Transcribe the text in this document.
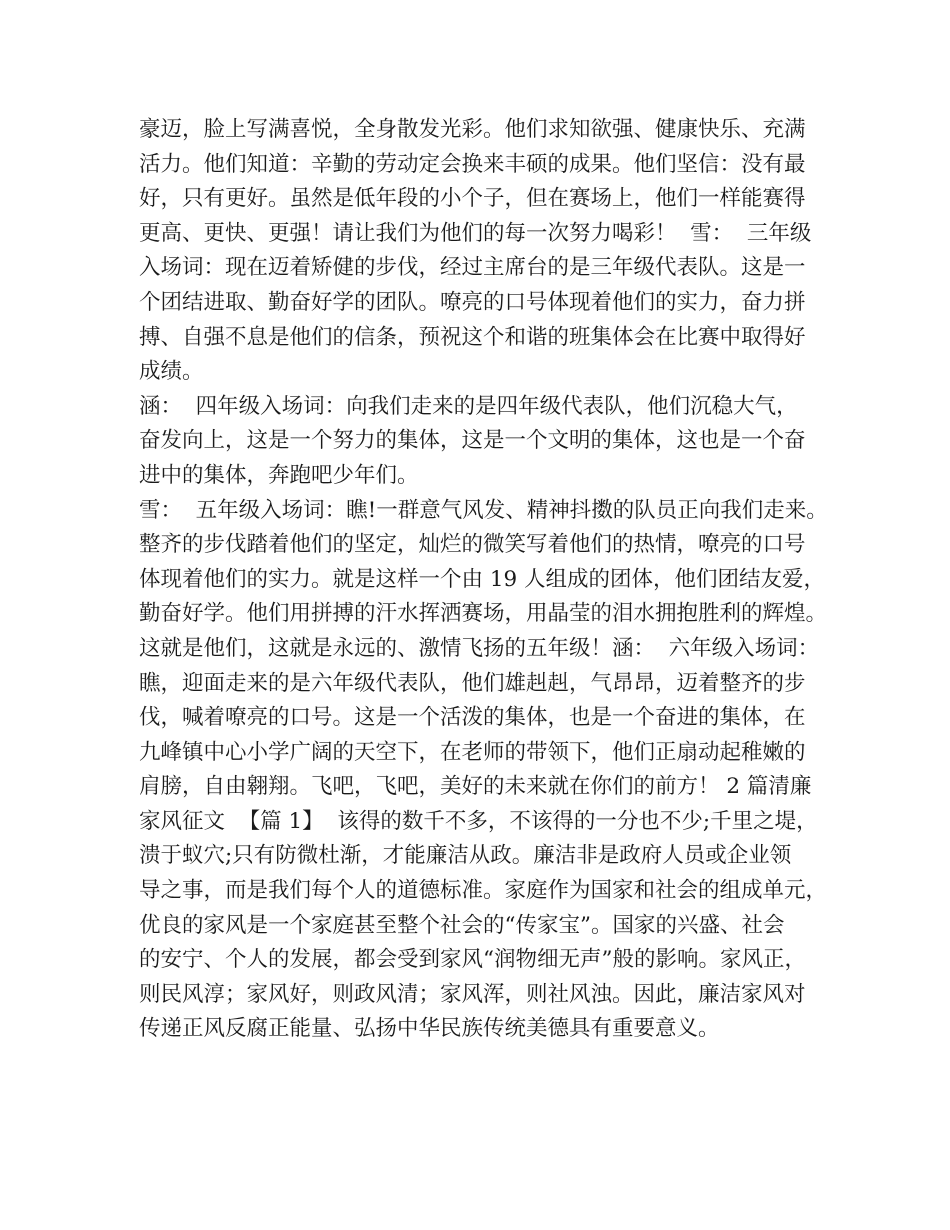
豪迈，脸上写满喜悦，全身散发光彩。他们求知欲强、健康快乐、充满
活力。他们知道：辛勤的劳动定会换来丰硕的成果。他们坚信：没有最
好，只有更好。虽然是低年段的小个子，但在赛场上，他们一样能赛得
更高、更快、更强！请让我们为他们的每一次努力喝彩！  雪：  三年级
入场词：现在迈着矫健的步伐，经过主席台的是三年级代表队。这是一
个团结进取、勤奋好学的团队。嘹亮的口号体现着他们的实力，奋力拼
搏、自强不息是他们的信条，预祝这个和谐的班集体会在比赛中取得好
成绩。
涵：  四年级入场词：向我们走来的是四年级代表队，他们沉稳大气，
奋发向上，这是一个努力的集体，这是一个文明的集体，这也是一个奋
进中的集体，奔跑吧少年们。
雪：  五年级入场词：瞧!一群意气风发、精神抖擞的队员正向我们走来。
整齐的步伐踏着他们的坚定，灿烂的微笑写着他们的热情，嘹亮的口号
体现着他们的实力。就是这样一个由 19 人组成的团体，他们团结友爱，
勤奋好学。他们用拼搏的汗水挥洒赛场，用晶莹的泪水拥抱胜利的辉煌。
这就是他们，这就是永远的、激情飞扬的五年级！涵：  六年级入场词：
瞧，迎面走来的是六年级代表队，他们雄赳赳，气昂昂，迈着整齐的步
伐，喊着嘹亮的口号。这是一个活泼的集体，也是一个奋进的集体，在
九峰镇中心小学广阔的天空下，在老师的带领下，他们正扇动起稚嫩的
肩膀，自由翱翔。飞吧，飞吧，美好的未来就在你们的前方！ 2 篇清廉
家风征文  【篇 1】  该得的数千不多，不该得的一分也不少;千里之堤，
溃于蚁穴;只有防微杜渐，才能廉洁从政。廉洁非是政府人员或企业领
导之事，而是我们每个人的道德标准。家庭作为国家和社会的组成单元，
优良的家风是一个家庭甚至整个社会的“传家宝”。国家的兴盛、社会
的安宁、个人的发展，都会受到家风“润物细无声”般的影响。家风正，
则民风淳；家风好，则政风清；家风浑，则社风浊。因此，廉洁家风对
传递正风反腐正能量、弘扬中华民族传统美德具有重要意义。
